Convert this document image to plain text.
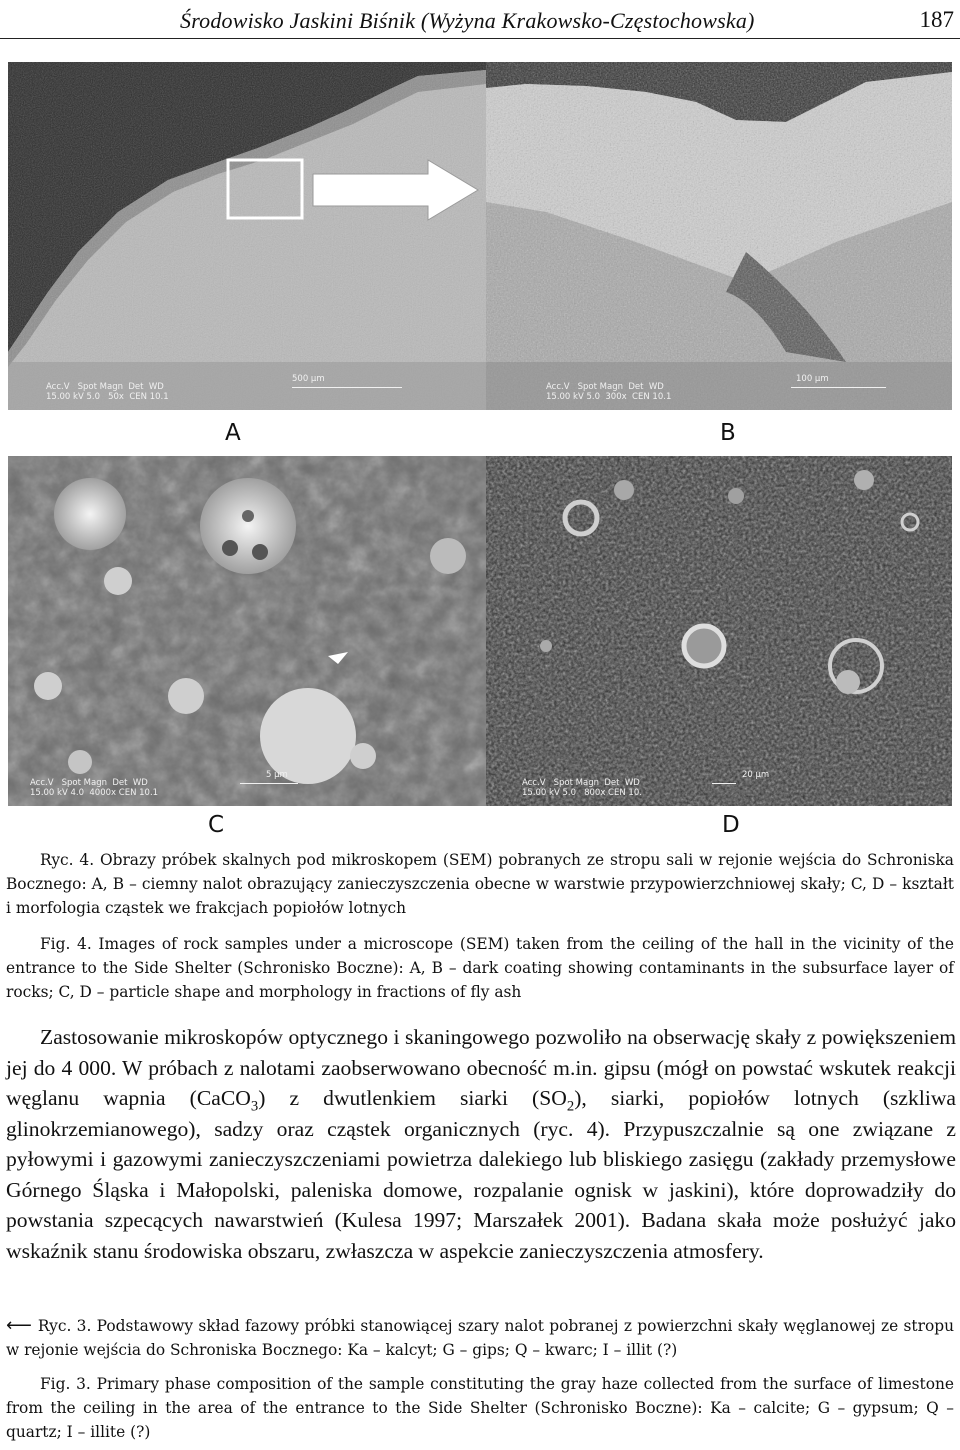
Środowisko Jaskini Biśnik (Wyżyna Krakowsko-Częstochowska)	187
Acc.V   Spot Magn  Det  WD
15.00 kV 5.0   50x  CEN 10.1
500 µm
Acc.V   Spot Magn  Det  WD
15.00 kV 5.0  300x  CEN 10.1
100 µm
A	B
Acc.V   Spot Magn  Det  WD
15.00 kV 4.0  4000x CEN 10.1
5 µm
Acc.V   Spot Magn  Det  WD
15.00 kV 5.0   800x CEN 10.
20 µm
C	D

Ryc. 4. Obrazy próbek skalnych pod mikroskopem (SEM) pobranych ze stropu sali w rejonie wejścia do Schroniska Bocznego: A, B – ciemny nalot obrazujący zanieczyszczenia obecne w warstwie przypowierzchniowej skały; C, D – kształt i morfologia cząstek we frakcjach popiołów lotnych

Fig. 4. Images of rock samples under a microscope (SEM) taken from the ceiling of the hall in the vicinity of the entrance to the Side Shelter (Schronisko Boczne): A, B – dark coating showing contaminants in the subsurface layer of rocks; C, D – particle shape and morphology in fractions of fly ash

Zastosowanie mikroskopów optycznego i skaningowego pozwoliło na obserwację skały z powiększeniem jej do 4 000. W próbach z nalotami zaobserwowano obecność m.in. gipsu (mógł on powstać wskutek reakcji węglanu wapnia (CaCO$_3$) z dwutlenkiem siarki $(SO_2)$, siarki, popiołów lotnych (szkliwa glinokrzemianowego), sadzy oraz cząstek organicznych (ryc. 4). Przypuszczalnie są one związane z pyłowymi i gazowymi zanieczyszczeniami powietrza dalekiego lub bliskiego zasięgu (zakłady przemysłowe Górnego Śląska i Małopolski, paleniska domowe, rozpalanie ognisk w jaskini), które doprowadziły do powstania szpecących nawarstwień (Kulesa 1997; Marszałek 2001). Badana skała może posłużyć jako wskaźnik stanu środowiska obszaru, zwłaszcza w aspekcie zanieczyszczenia atmosfery.

⟵ Ryc. 3. Podstawowy skład fazowy próbki stanowiącej szary nalot pobranej z powierzchni skały węglanowej ze stropu w rejonie wejścia do Schroniska Bocznego: Ka – kalcyt; G – gips; Q – kwarc; I – illit (?)

Fig. 3. Primary phase composition of the sample constituting the gray haze collected from the surface of limestone from the ceiling in the area of the entrance to the Side Shelter (Schronisko Boczne): Ka – calcite; G – gypsum; Q – quartz; I – illite (?)
